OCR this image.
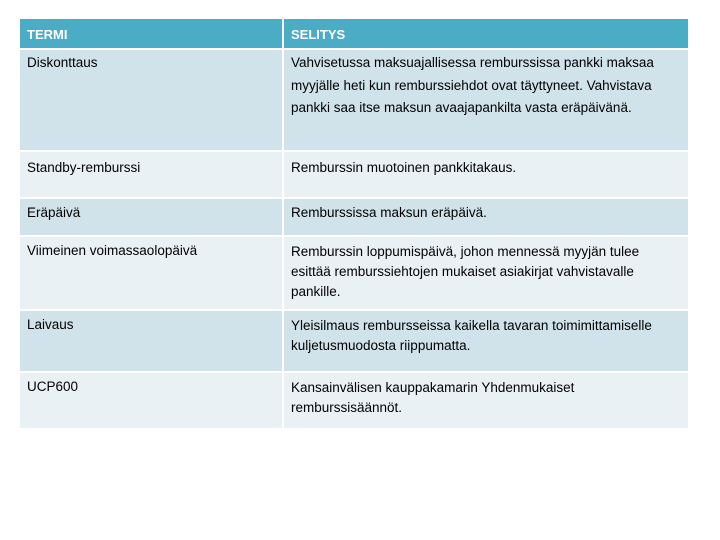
TERMI	SELITYS
Diskonttaus	Vahvisetussa maksuajallisessa remburssissa pankki maksaa myyjälle heti kun remburssiehdot ovat täyttyneet. Vahvistava pankki saa itse maksun avaajapankilta vasta eräpäivänä.
Standby-remburssi	Remburssin muotoinen pankkitakaus.
Eräpäivä	Remburssissa maksun eräpäivä.
Viimeinen voimassaolopäivä	Remburssin loppumispäivä, johon mennessä myyjän tulee esittää remburssiehtojen mukaiset asiakirjat vahvistavalle pankille.
Laivaus	Yleisilmaus rembursseissa kaikella tavaran toimimittamiselle kuljetusmuodosta riippumatta.
UCP600	Kansainvälisen kauppakamarin Yhdenmukaiset remburssisäännöt.
